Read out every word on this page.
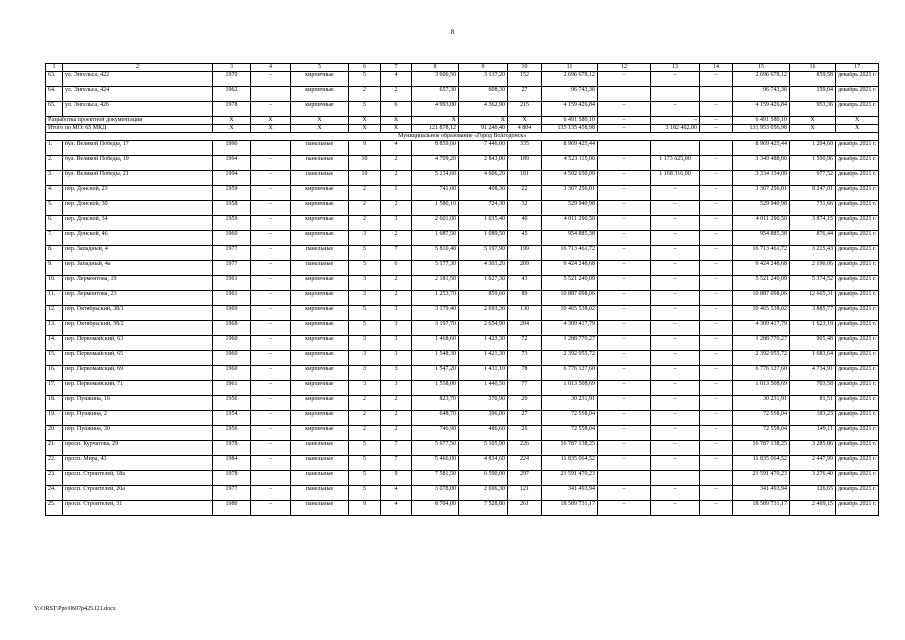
8
1	2	3	4	5	6	7	8	9	10	11	12	13	14	15	16	17
63.	ул. Энгельса, 422	1970	–	кирпичные	5	4	3 606,50	3 137,20	152	2 696 678,12	–	–	–	2 696 678,12	859,58	декабрь 2021 г.
64.	ул. Энгельса, 424	1962		кирпичные	2	2	657,30	608,30	27	96 743,36				96 743,36	159,04	декабрь 2021 г.
65.	ул. Энгельса, 426	1978	–	кирпичные	5	6	4 993,00	4 362,90	215	4 159 426,84	–	–	–	4 159 426,84	953,36	декабрь 2021 г.
Разработка проектной документации		X	X	X	X	X	X	X	X	6 491 580,10	–	–	–	6 491 580,10	X	X
Итого по МО: 65 МКД		X	X	X	X	X	121 878,12	91 240,40	4 804	135 135 458,98	–	3 182 402,00	–	131 953 056,98	X	X
Муниципальное образование «Город Волгодонск»																
1.	бул. Великой Победы, 17	1990		панельные	9	4	8 859,60	7 446,00	335	8 969 425,44				8 969 425,44	1 204,60	декабрь 2021 г.
2.	бул. Великой Победы, 19	1994	–	панельные	10	2	4 709,20	2 843,00	189	4 523 115,00	–	1 173 625,00	–	3 349 488,00	1 590,96	декабрь 2021 г.
3.	бул. Великой Победы, 21	1994	–	панельные	10	2	5 234,60	4 606,20	181	4 502 650,00	–	1 168 316,00	–	3 334 334,00	977,52	декабрь 2021 г.
4.	пер. Донской, 23	1959	–	кирпичные	2	1	741,00	408,30	22	3 367 256,01	–	–	–	3 367 256,01	8 247,01	декабрь 2021 г.
5.	пер. Донской, 30	1958	–	кирпичные	2	2	1 580,10	724,30	32	529 940,98	–	–	–	529 940,98	731,66	декабрь 2021 г.
6.	пер. Донской, 34	1959	–	кирпичные	2	3	2 601,00	1 035,40	40	4 011 290,50	–	–	–	4 011 290,50	3 874,15	декабрь 2021 г.
7.	пер. Донской, 46	1960	–	кирпичные	3	2	1 687,50	1 089,50	45	954 885,38	–	–	–	954 885,38	876,44	декабрь 2021 г.
8.	пер. Западный, 4	1977	–	панельные	5	7	5 810,40	5 197,90	199	16 713 461,72	–	–	–	16 713 461,72	3 215,43	декабрь 2021 г.
9.	пер. Западный, 4а	1977	–	панельные	5	6	5 177,30	4 303,20	209	9 424 248,68	–	–	–	9 424 248,68	2 190,06	декабрь 2021 г.
10.	пер. Лермонтова, 19	1961	–	кирпичные	3	2	2 181,50	1 027,30	43	5 521 240,09	–	–	–	5 521 240,09	5 374,52	декабрь 2021 г.
11.	пер. Лермонтова, 23	1961	–	кирпичные	3	2	1 253,70	859,60	89	10 887 098,06	–	–	–	10 887 098,06	12 665,31	декабрь 2021 г.
12.	пер. Октябрьский, 38/1	1969	–	кирпичные	5	3	3 179,40	2 693,30	130	10 465 538,02	–	–	–	10 465 538,02	3 885,77	декабрь 2021 г.
13.	пер. Октябрьский, 38/2	1968	–	кирпичные	5	3	3 197,70	2 654,90	204	4 309 417,79	–	–	–	4 309 417,79	1 623,19	декабрь 2021 г.
14.	пер. Первомайский, 63	1960	–	кирпичные	3	3	1 468,60	1 423,30	72	1 288 770,27	–	–	–	1 288 770,27	905,48	декабрь 2021 г.
15.	пер. Первомайский, 65	1960	–	кирпичные	3	3	1 548,30	1 421,30	73	2 392 955,72	–	–	–	2 392 955,72	1 683,64	декабрь 2021 г.
16.	пер. Первомайский, 69	1960	–	кирпичные	3	3	1 547,20	1 431,10	78	6 776 127,60	–	–	–	6 776 127,60	4 734,91	декабрь 2021 г.
17.	пер. Первомайский, 71	1961	–	кирпичные	3	3	1 558,00	1 440,50	77	1 013 508,69	–	–	–	1 013 508,69	703,58	декабрь 2021 г.
18.	пер. Пушкина, 16	1956	–	кирпичные	2	2	823,70	370,90	20	30 231,91	–	–	–	30 231,91	81,51	декабрь 2021 г.
19.	пер. Пушкина, 2	1954	–	кирпичные	2	2	648,70	396,00	27	72 558,04	–	–	–	72 558,04	183,23	декабрь 2021 г.
20.	пер. Пушкина, 30	1956	–	кирпичные	2	2	746,90	486,60	26	72 558,04	–	–	–	72 558,04	149,11	декабрь 2021 г.
21.	просп. Курчатова, 29	1978	–	панельные	5	7	5 677,50	5 105,90	226	16 787 138,25	–	–	–	16 787 138,25	3 285,86	декабрь 2021 г.
22.	просп. Мира, 43	1984	–	панельные	5	7	5 466,00	4 834,60	224	11 835 064,52	–	–	–	11 835 064,52	2 447,99	декабрь 2021 г.
23.	просп. Строителей, 18а	1978		панельные	5	9	7 581,50	6 590,00	297	21 591 470,23				21 591 470,23	3 276,40	декабрь 2021 г.
24.	просп. Строителей, 20а	1977	–	панельные	5	4	3 078,00	2 696,30	121	341 493,94	–	–	–	341 493,94	126,65	декабрь 2021 г.
25.	просп. Строителей, 31	1980	–	панельные	9	4	8 704,00	7 528,80	261	18 589 731,17	–	–	–	18 589 731,17	2 469,15	декабрь 2021 г.
Y:\ORST\Ppo\0607p425.f21.docx
